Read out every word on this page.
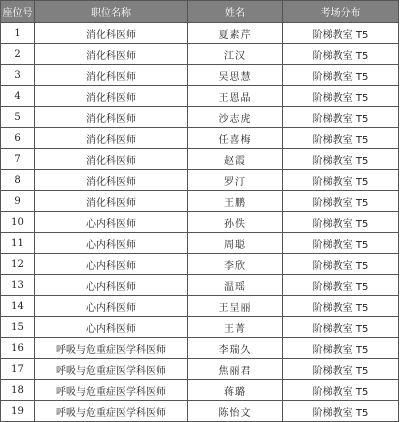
座位号	职位名称	姓名	考场分布
1	消化科医师	夏素芹	阶梯教室 T5
2	消化科医师	江汉	阶梯教室 T5
3	消化科医师	吴思慧	阶梯教室 T5
4	消化科医师	王恩晶	阶梯教室 T5
5	消化科医师	沙志虎	阶梯教室 T5
6	消化科医师	任喜梅	阶梯教室 T5
7	消化科医师	赵霞	阶梯教室 T5
8	消化科医师	罗汀	阶梯教室 T5
9	消化科医师	王鹏	阶梯教室 T5
10	心内科医师	孙佚	阶梯教室 T5
11	心内科医师	周聪	阶梯教室 T5
12	心内科医师	李欣	阶梯教室 T5
13	心内科医师	温瑶	阶梯教室 T5
14	心内科医师	王呈丽	阶梯教室 T5
15	心内科医师	王菁	阶梯教室 T5
16	呼吸与危重症医学科医师	李瑞久	阶梯教室 T5
17	呼吸与危重症医学科医师	焦丽君	阶梯教室 T5
18	呼吸与危重症医学科医师	蒋璐	阶梯教室 T5
19	呼吸与危重症医学科医师	陈怡文	阶梯教室 T5
